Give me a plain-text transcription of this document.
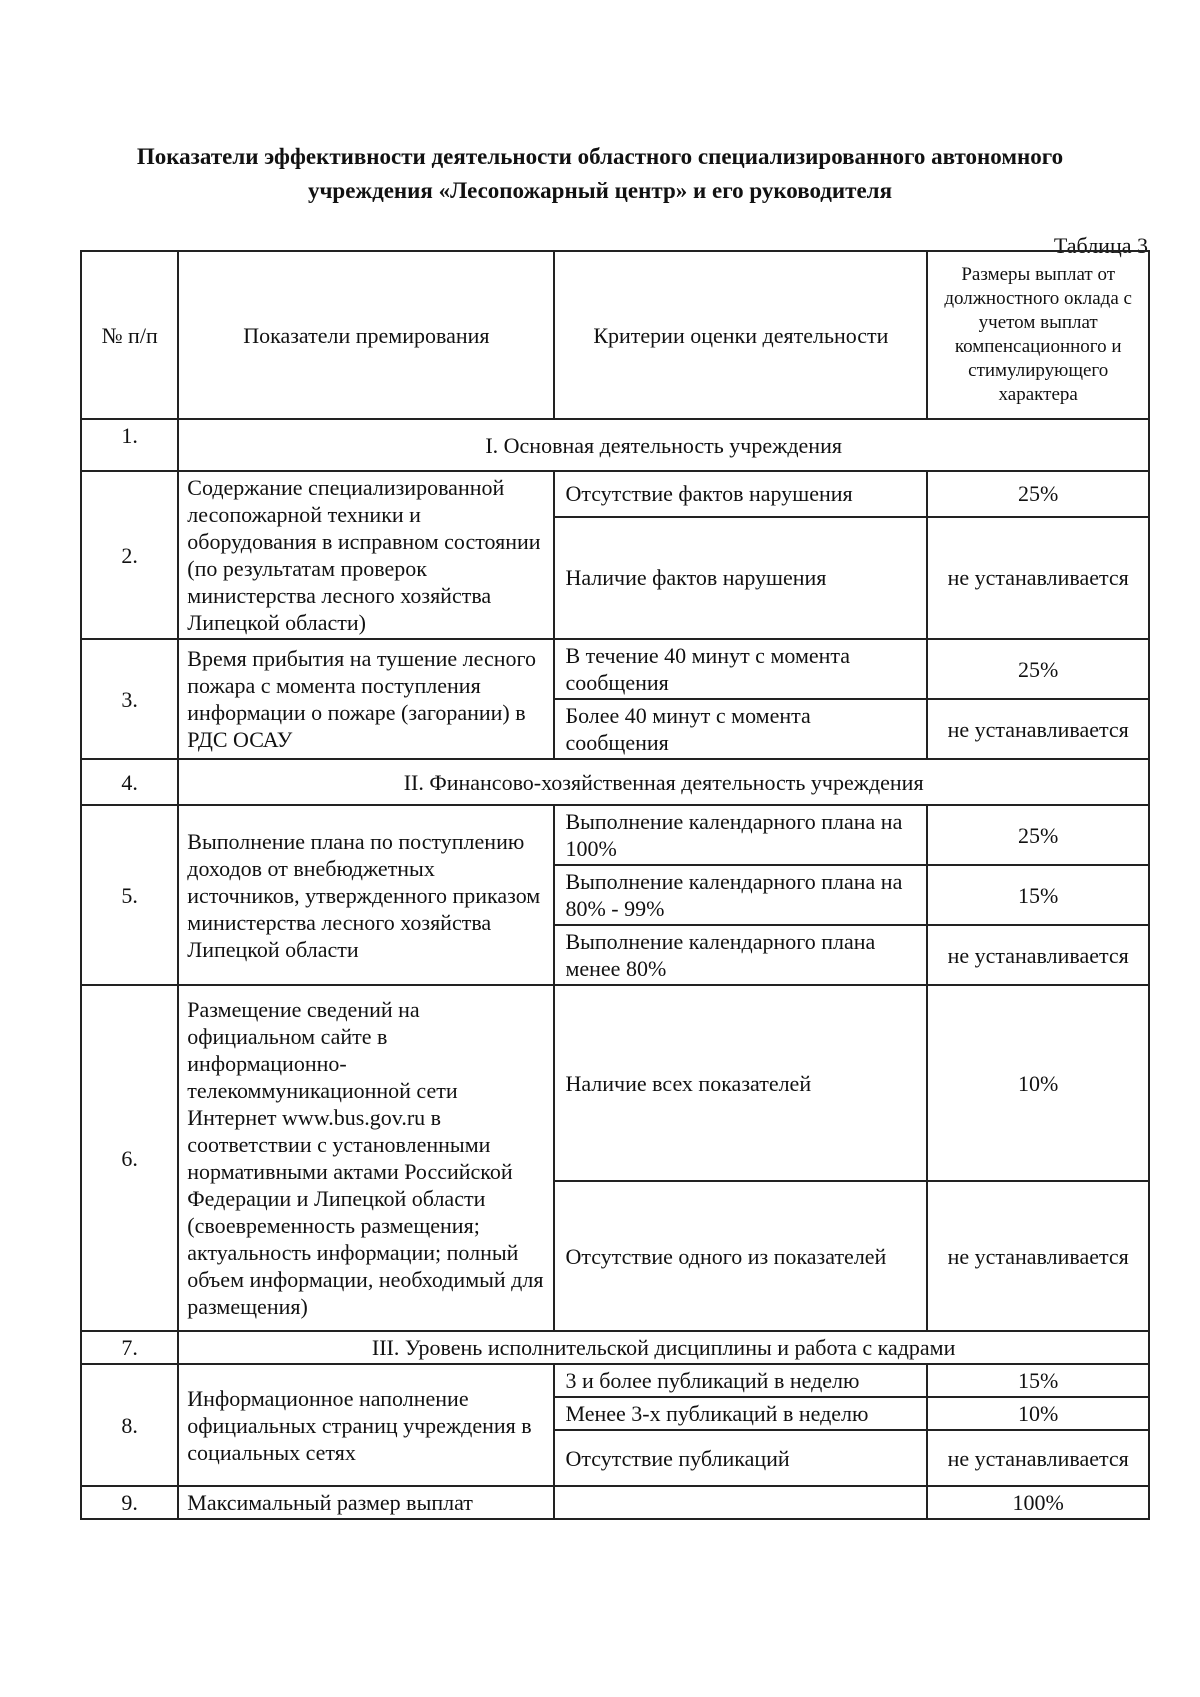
Показатели эффективности деятельности областного специализированного автономного
учреждения «Лесопожарный центр» и его руководителя
Таблица 3
№ п/п	Показатели премирования	Критерии оценки деятельности	Размеры выплат от должностного оклада с учетом выплат компенсационного и стимулирующего характера
1.	I. Основная деятельность учреждения		
2.	Содержание специализированной лесопожарной техники и оборудования в исправном состоянии (по результатам проверок министерства лесного хозяйства Липецкой области)	Отсутствие фактов нарушения	25%
		Наличие фактов нарушения	не устанавливается
3.	Время прибытия на тушение лесного пожара с момента поступления информации о пожаре (загорании) в РДС ОСАУ	В течение 40 минут с момента сообщения	25%
		Более 40 минут с момента сообщения	не устанавливается
4.	II. Финансово-хозяйственная деятельность учреждения		
5.	Выполнение плана по поступлению доходов от внебюджетных источников, утвержденного приказом министерства лесного хозяйства Липецкой области	Выполнение календарного плана на 100%	25%
		Выполнение календарного плана на 80% - 99%	15%
		Выполнение календарного плана менее 80%	не устанавливается
6.	Размещение сведений на официальном сайте в информационно-телекоммуникационной сети Интернет www.bus.gov.ru в соответствии с установленными нормативными актами Российской Федерации и Липецкой области (своевременность размещения; актуальность информации; полный объем информации, необходимый для размещения)	Наличие всех показателей	10%
		Отсутствие одного из показателей	не устанавливается
7.	III. Уровень исполнительской дисциплины и работа с кадрами		
8.	Информационное наполнение официальных страниц учреждения в социальных сетях	3 и более публикаций в неделю	15%
		Менее 3-х публикаций в неделю	10%
		Отсутствие публикаций	не устанавливается
9.	Максимальный размер выплат		100%
